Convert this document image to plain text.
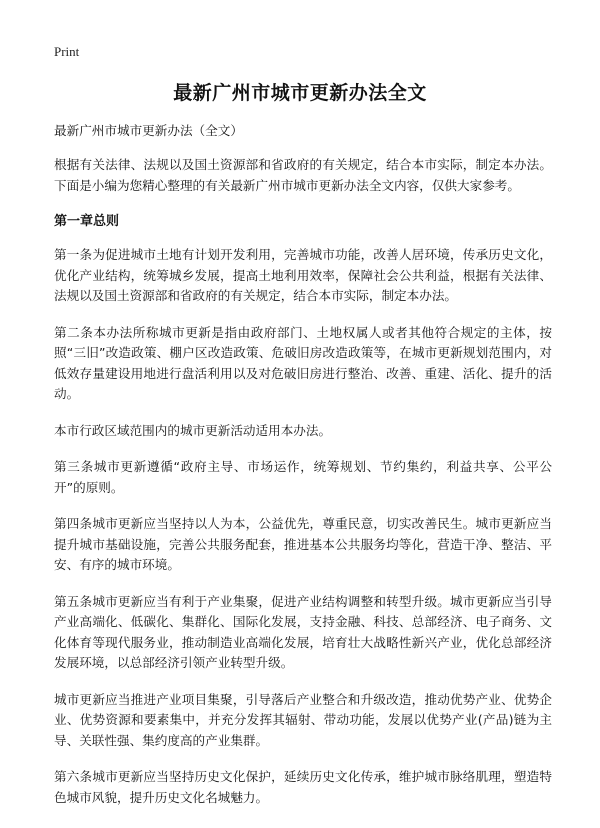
Print
最新广州市城市更新办法全文

最新广州市城市更新办法（全文）

根据有关法律、法规以及国土资源部和省政府的有关规定，结合本市实际，制定本办法。下面是小编为您精心整理的有关最新广州市城市更新办法全文内容，仅供大家参考。

第一章总则

第一条为促进城市土地有计划开发利用，完善城市功能，改善人居环境，传承历史文化，优化产业结构，统筹城乡发展，提高土地利用效率，保障社会公共利益，根据有关法律、法规以及国土资源部和省政府的有关规定，结合本市实际，制定本办法。

第二条本办法所称城市更新是指由政府部门、土地权属人或者其他符合规定的主体，按照“三旧”改造政策、棚户区改造政策、危破旧房改造政策等，在城市更新规划范围内，对低效存量建设用地进行盘活利用以及对危破旧房进行整治、改善、重建、活化、提升的活动。

本市行政区域范围内的城市更新活动适用本办法。

第三条城市更新遵循“政府主导、市场运作，统筹规划、节约集约，利益共享、公平公开”的原则。

第四条城市更新应当坚持以人为本，公益优先，尊重民意，切实改善民生。城市更新应当提升城市基础设施，完善公共服务配套，推进基本公共服务均等化，营造干净、整洁、平安、有序的城市环境。

第五条城市更新应当有利于产业集聚，促进产业结构调整和转型升级。城市更新应当引导产业高端化、低碳化、集群化、国际化发展，支持金融、科技、总部经济、电子商务、文化体育等现代服务业，推动制造业高端化发展，培育壮大战略性新兴产业，优化总部经济发展环境，以总部经济引领产业转型升级。

城市更新应当推进产业项目集聚，引导落后产业整合和升级改造，推动优势产业、优势企业、优势资源和要素集中，并充分发挥其辐射、带动功能，发展以优势产业(产品)链为主导、关联性强、集约度高的产业集群。

第六条城市更新应当坚持历史文化保护，延续历史文化传承，维护城市脉络肌理，塑造特色城市风貌，提升历史文化名城魅力。
